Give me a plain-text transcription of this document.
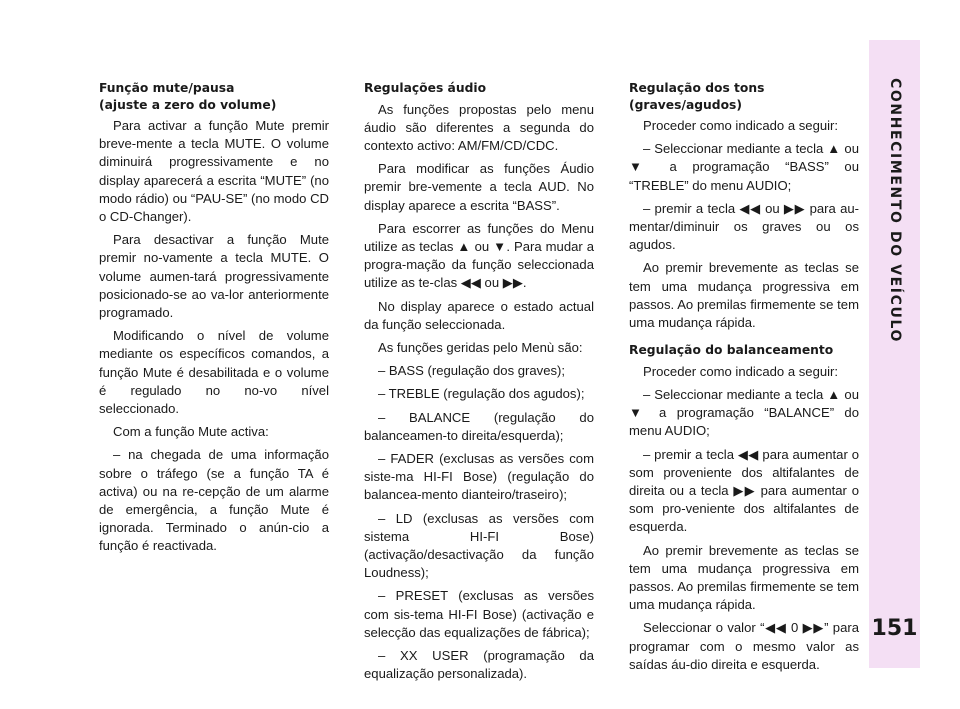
CONHECIMENTO DO VEÍCULO
151
Função mute/pausa
(ajuste a zero do volume)

Para activar a função Mute premir breve-mente a tecla MUTE. O volume diminuirá progressivamente e no display aparecerá a escrita “MUTE” (no modo rádio) ou “PAU-SE” (no modo CD o CD-Changer).

Para desactivar a função Mute premir no-vamente a tecla MUTE. O volume aumen-tará progressivamente posicionado-se ao va-lor anteriormente programado.

Modificando o nível de volume mediante os específicos comandos, a função Mute é desabilitada e o volume é regulado no no-vo nível seleccionado.

Com a função Mute activa:

– na chegada de uma informação sobre o tráfego (se a função TA é activa) ou na re-cepção de um alarme de emergência, a função Mute é ignorada. Terminado o anún-cio a função é reactivada.

Regulações áudio

As funções propostas pelo menu áudio são diferentes a segunda do contexto activo: AM/FM/CD/CDC.

Para modificar as funções Áudio premir bre-vemente a tecla AUD. No display aparece a escrita “BASS”.

Para escorrer as funções do Menu utilize as teclas ▲ ou ▼. Para mudar a progra-mação da função seleccionada utilize as te-clas ◀◀ ou ▶▶.

No display aparece o estado actual da função seleccionada.

As funções geridas pelo Menù são:

– BASS (regulação dos graves);

– TREBLE (regulação dos agudos);

– BALANCE (regulação do balanceamen-to direita/esquerda);

– FADER (exclusas as versões com siste-ma HI-FI Bose) (regulação do balancea-mento dianteiro/traseiro);

– LD (exclusas as versões com sistema HI-FI Bose) (activação/desactivação da função Loudness);

– PRESET (exclusas as versões com sis-tema HI-FI Bose) (activação e selecção das equalizações de fábrica);

– XX USER (programação da equalização personalizada).

Regulação dos tons
(graves/agudos)

Proceder como indicado a seguir:

– Seleccionar mediante a tecla ▲ ou ▼ a programação “BASS” ou “TREBLE” do menu AUDIO;

– premir a tecla ◀◀ ou ▶▶ para au-mentar/diminuir os graves ou os agudos.

Ao premir brevemente as teclas se tem uma mudança progressiva em passos. Ao premilas firmemente se tem uma mudança rápida.

Regulação do balanceamento

Proceder como indicado a seguir:

– Seleccionar mediante a tecla ▲ ou ▼ a programação “BALANCE” do menu AUDIO;

– premir a tecla ◀◀ para aumentar o som proveniente dos altifalantes de direita ou a tecla ▶▶ para aumentar o som pro-veniente dos altifalantes de esquerda.

Ao premir brevemente as teclas se tem uma mudança progressiva em passos. Ao premilas firmemente se tem uma mudança rápida.

Seleccionar o valor “◀◀ 0 ▶▶” para programar com o mesmo valor as saídas áu-dio direita e esquerda.
